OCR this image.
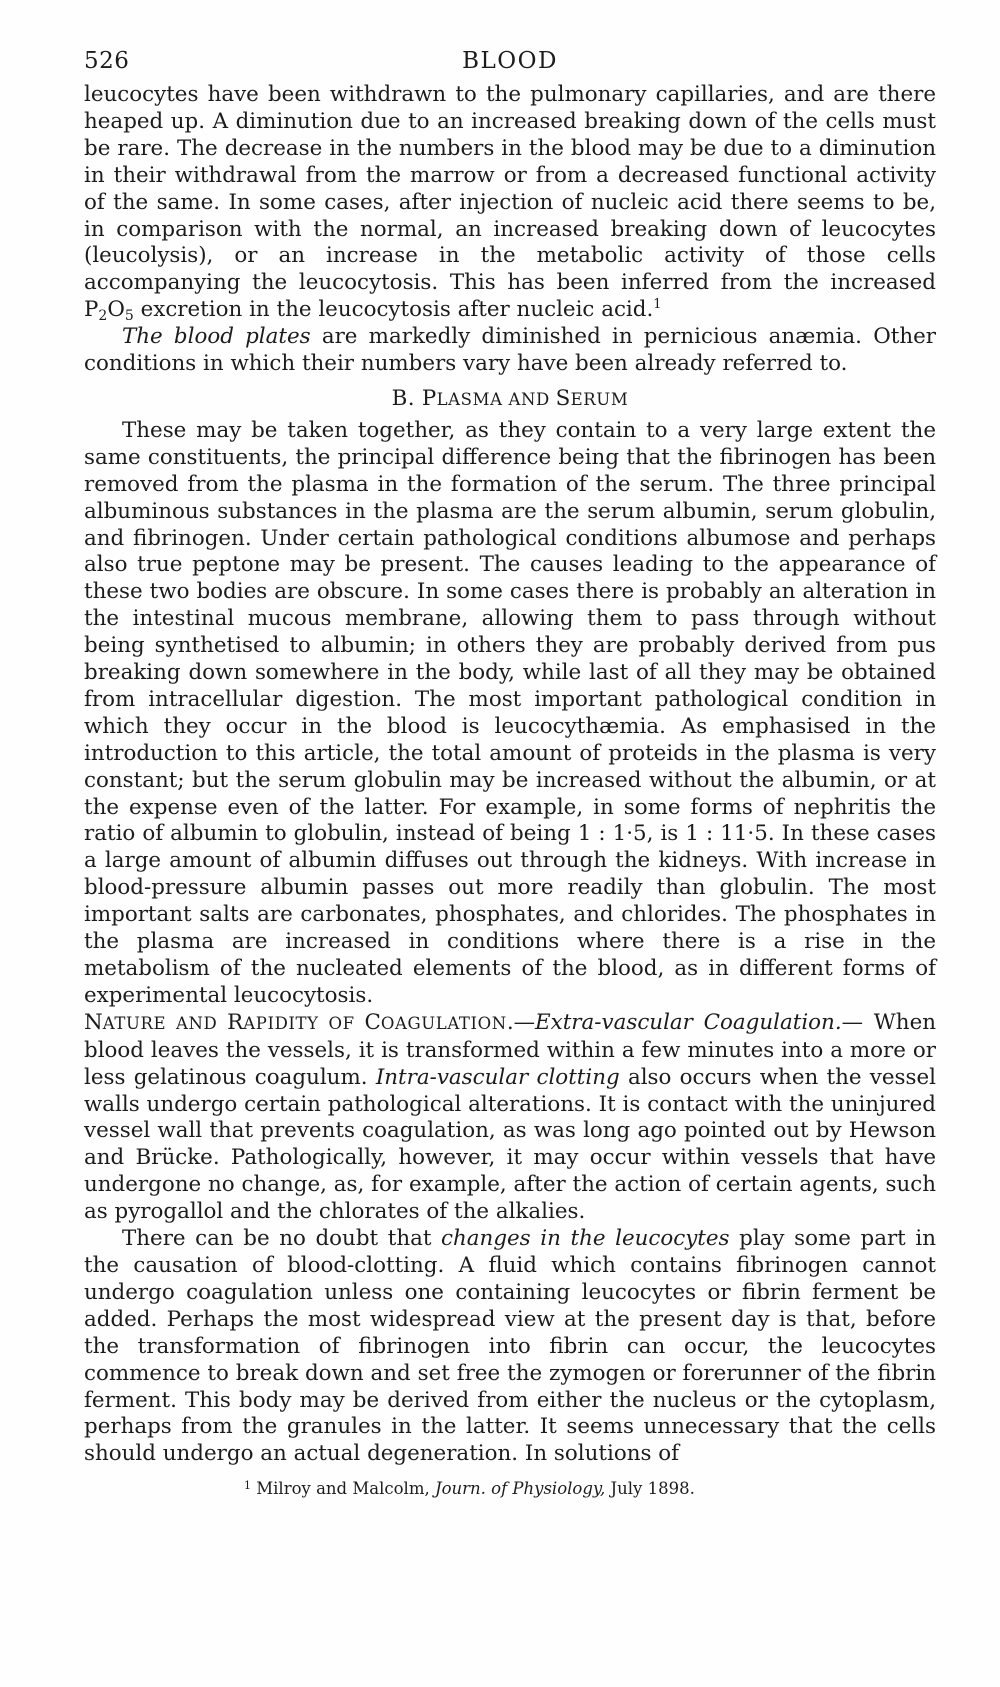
526	BLOOD

leucocytes have been withdrawn to the pulmonary capillaries, and are there heaped up. A diminution due to an increased breaking down of the cells must be rare. The decrease in the numbers in the blood may be due to a diminution in their withdrawal from the marrow or from a decreased functional activity of the same. In some cases, after injection of nucleic acid there seems to be, in comparison with the normal, an increased breaking down of leucocytes (leucolysis), or an increase in the metabolic activity of those cells accompanying the leucocytosis. This has been inferred from the increased $P_2O_5$ excretion in the leucocytosis after nucleic acid.$^1$

The blood plates are markedly diminished in pernicious anæmia. Other conditions in which their numbers vary have been already referred to.

B. PLASMA AND SERUM

These may be taken together, as they contain to a very large extent the same constituents, the principal difference being that the fibrinogen has been removed from the plasma in the formation of the serum. The three principal albuminous substances in the plasma are the serum albumin, serum globulin, and fibrinogen. Under certain pathological conditions albumose and perhaps also true peptone may be present. The causes leading to the appearance of these two bodies are obscure. In some cases there is probably an alteration in the intestinal mucous membrane, allowing them to pass through without being synthetised to albumin; in others they are probably derived from pus breaking down somewhere in the body, while last of all they may be obtained from intracellular digestion. The most important pathological condition in which they occur in the blood is leucocythæmia. As emphasised in the introduction to this article, the total amount of proteids in the plasma is very constant; but the serum globulin may be increased without the albumin, or at the expense even of the latter. For example, in some forms of nephritis the ratio of albumin to globulin, instead of being 1 : 1·5, is 1 : 11·5. In these cases a large amount of albumin diffuses out through the kidneys. With increase in blood-pressure albumin passes out more readily than globulin. The most important salts are carbonates, phosphates, and chlorides. The phosphates in the plasma are increased in conditions where there is a rise in the metabolism of the nucleated elements of the blood, as in different forms of experimental leucocytosis.

NATURE AND RAPIDITY OF COAGULATION.—Extra-vascular Coagulation.— When blood leaves the vessels, it is transformed within a few minutes into a more or less gelatinous coagulum. Intra-vascular clotting also occurs when the vessel walls undergo certain pathological alterations. It is contact with the uninjured vessel wall that prevents coagulation, as was long ago pointed out by Hewson and Brücke. Pathologically, however, it may occur within vessels that have undergone no change, as, for example, after the action of certain agents, such as pyrogallol and the chlorates of the alkalies.

There can be no doubt that changes in the leucocytes play some part in the causation of blood-clotting. A fluid which contains fibrinogen cannot undergo coagulation unless one containing leucocytes or fibrin ferment be added. Perhaps the most widespread view at the present day is that, before the transformation of fibrinogen into fibrin can occur, the leucocytes commence to break down and set free the zymogen or forerunner of the fibrin ferment. This body may be derived from either the nucleus or the cytoplasm, perhaps from the granules in the latter. It seems unnecessary that the cells should undergo an actual degeneration. In solutions of

$^1$ Milroy and Malcolm, Journ. of Physiology, July 1898.
